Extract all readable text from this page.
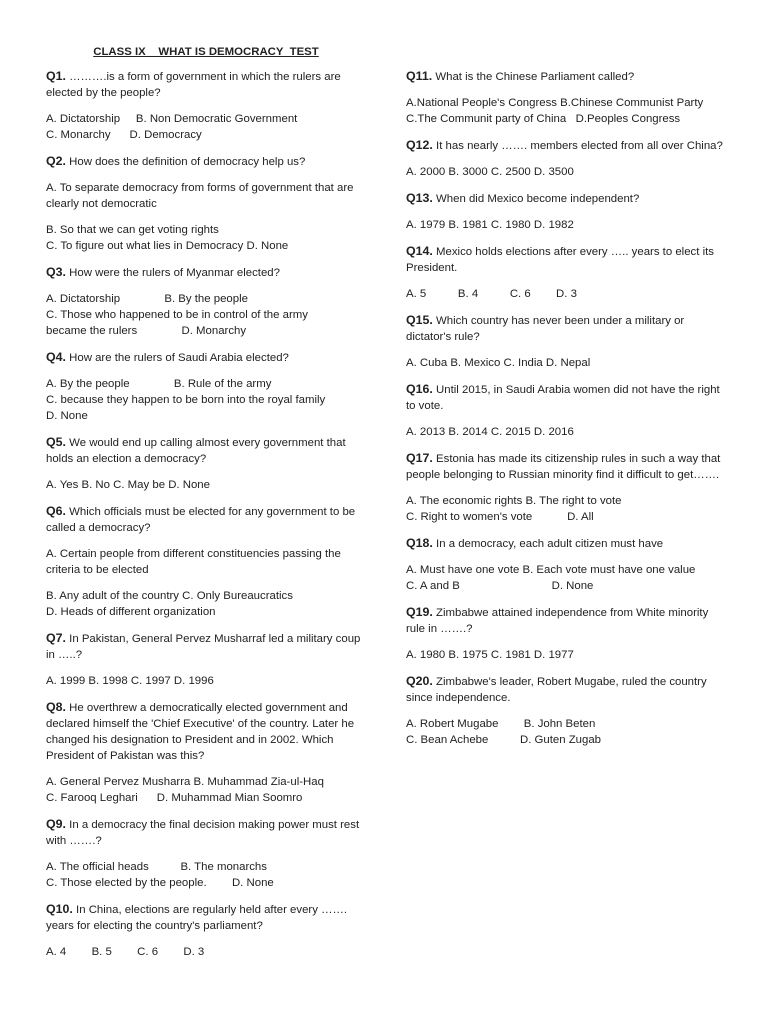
CLASS IX    WHAT IS DEMOCRACY  TEST
Q1. ……….is a form of government in which the rulers are elected by the people?
A. Dictatorship     B. Non Democratic Government
C. Monarchy      D. Democracy
Q2. How does the definition of democracy help us?
A. To separate democracy from forms of government that are clearly not democratic
B. So that we can get voting rights
C. To figure out what lies in Democracy D. None
Q3. How were the rulers of Myanmar elected?
A. Dictatorship              B. By the people
C. Those who happened to be in control of the army
became the rulers              D. Monarchy
Q4. How are the rulers of Saudi Arabia elected?
A. By the people              B. Rule of the army
C. because they happen to be born into the royal family
D. None
Q5. We would end up calling almost every government that holds an election a democracy?
A. Yes B. No C. May be D. None
Q6. Which officials must be elected for any government to be called a democracy?
A. Certain people from different constituencies passing the criteria to be elected
B. Any adult of the country C. Only Bureaucratics
D. Heads of different organization
Q7. In Pakistan, General Pervez Musharraf led a military coup in …..?
A. 1999 B. 1998 C. 1997 D. 1996
Q8. He overthrew a democratically elected government and declared himself the 'Chief Executive' of the country. Later he changed his designation to President and in 2002. Which President of Pakistan was this?
A. General Pervez Musharra B. Muhammad Zia-ul-Haq
C. Farooq Leghari      D. Muhammad Mian Soomro
Q9. In a democracy the final decision making power must rest with …….?
A. The official heads          B. The monarchs
C. Those elected by the people.        D. None
Q10. In China, elections are regularly held after every ……. years for electing the country's parliament?
A. 4        B. 5        C. 6        D. 3
Q11. What is the Chinese Parliament called?
A.National People's Congress B.Chinese Communist Party
C.The Communit party of China   D.Peoples Congress
Q12. It has nearly ……. members elected from all over China?
A. 2000 B. 3000 C. 2500 D. 3500
Q13. When did Mexico become independent?
A. 1979 B. 1981 C. 1980 D. 1982
Q14. Mexico holds elections after every ….. years to elect its President.
A. 5          B. 4          C. 6        D. 3
Q15. Which country has never been under a military or dictator's rule?
A. Cuba B. Mexico C. India D. Nepal
Q16. Until 2015, in Saudi Arabia women did not have the right to vote.
A. 2013 B. 2014 C. 2015 D. 2016
Q17. Estonia has made its citizenship rules in such a way that people belonging to Russian minority find it difficult to get…….
A. The economic rights B. The right to vote
C. Right to women's vote           D. All
Q18. In a democracy, each adult citizen must have
A. Must have one vote B. Each vote must have one value
C. A and B                             D. None
Q19. Zimbabwe attained independence from White minority rule in …….?
A. 1980 B. 1975 C. 1981 D. 1977
Q20. Zimbabwe's leader, Robert Mugabe, ruled the country since independence.
A. Robert Mugabe        B. John Beten
C. Bean Achebe          D. Guten Zugab
